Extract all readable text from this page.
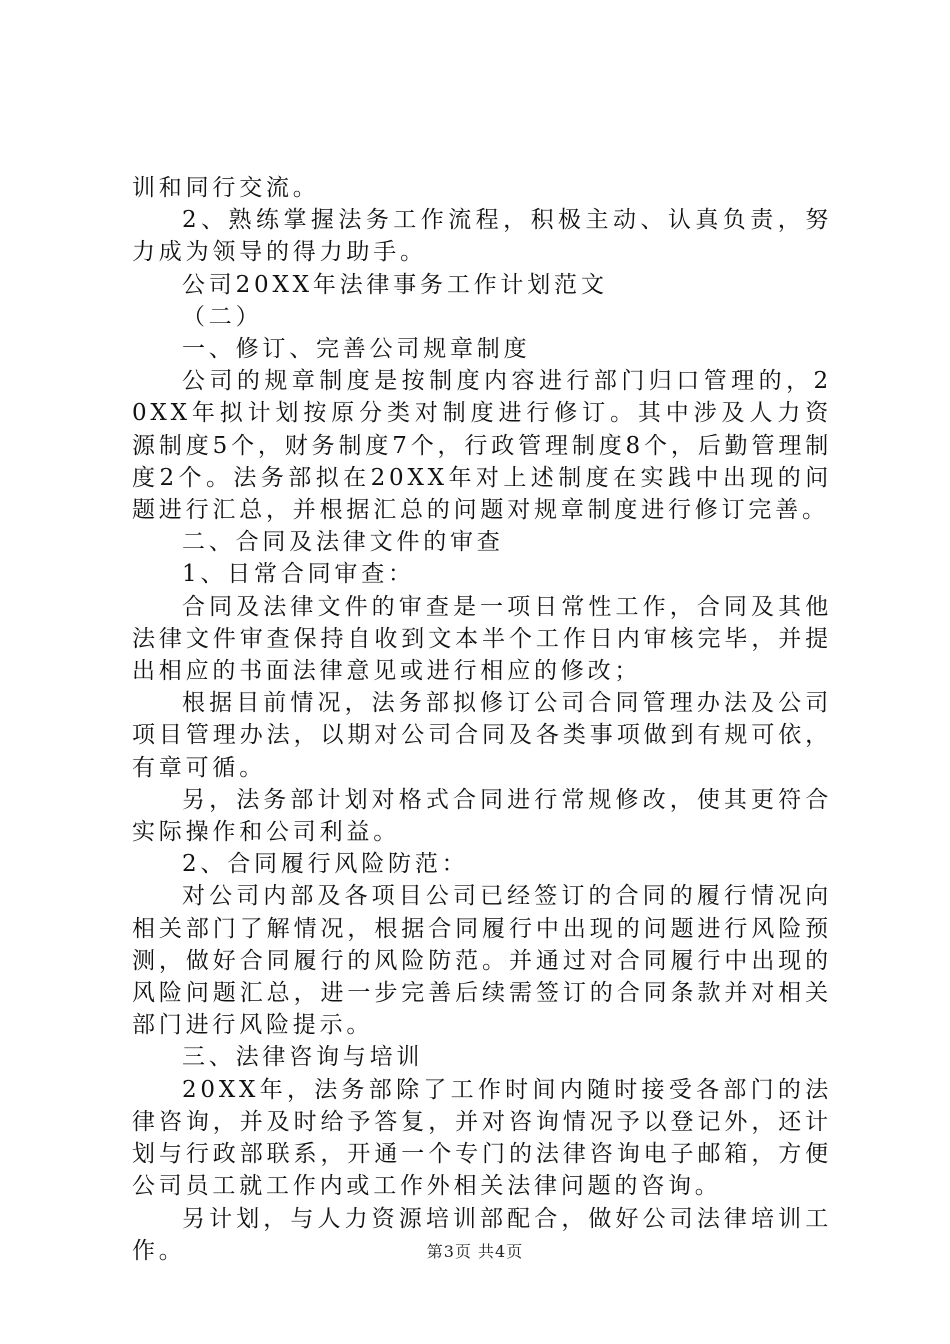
训和同行交流。

2、熟练掌握法务工作流程，积极主动、认真负责，努力成为领导的得力助手。

公司20XX年法律事务工作计划范文

（二）

一、修订、完善公司规章制度

公司的规章制度是按制度内容进行部门归口管理的，20XX年拟计划按原分类对制度进行修订。其中涉及人力资源制度5个，财务制度7个，行政管理制度8个，后勤管理制度2个。法务部拟在20XX年对上述制度在实践中出现的问题进行汇总，并根据汇总的问题对规章制度进行修订完善。

二、合同及法律文件的审查

1、日常合同审查：

合同及法律文件的审查是一项日常性工作，合同及其他法律文件审查保持自收到文本半个工作日内审核完毕，并提出相应的书面法律意见或进行相应的修改；

根据目前情况，法务部拟修订公司合同管理办法及公司项目管理办法，以期对公司合同及各类事项做到有规可依，有章可循。

另，法务部计划对格式合同进行常规修改，使其更符合实际操作和公司利益。

2、合同履行风险防范：

对公司内部及各项目公司已经签订的合同的履行情况向相关部门了解情况，根据合同履行中出现的问题进行风险预测，做好合同履行的风险防范。并通过对合同履行中出现的风险问题汇总，进一步完善后续需签订的合同条款并对相关部门进行风险提示。

三、法律咨询与培训

20XX年，法务部除了工作时间内随时接受各部门的法律咨询，并及时给予答复，并对咨询情况予以登记外，还计划与行政部联系，开通一个专门的法律咨询电子邮箱，方便公司员工就工作内或工作外相关法律问题的咨询。

另计划，与人力资源培训部配合，做好公司法律培训工作。	第3页 共4页
